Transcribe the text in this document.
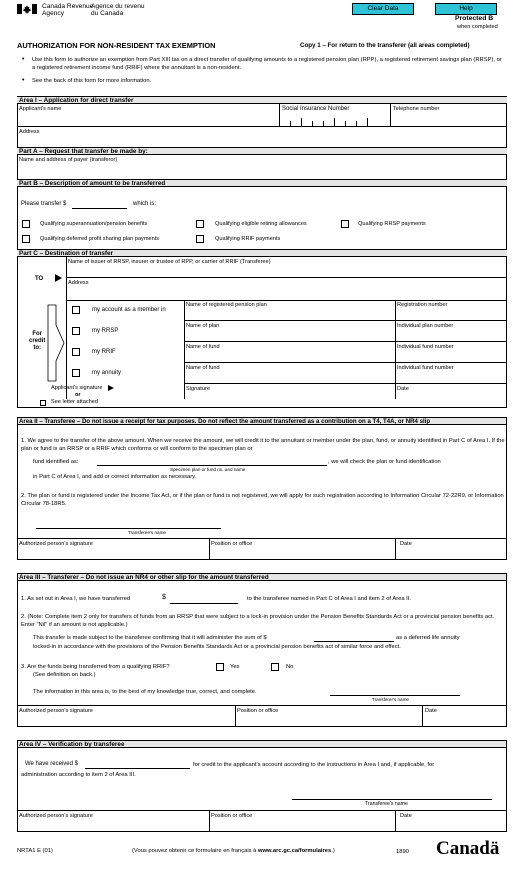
Canada Revenue
Agency
Agence du revenu
du Canada
Clear Data	Help
Protected B
when completed
AUTHORIZATION FOR NON-RESIDENT TAX EXEMPTION	Copy 1 – For return to the transferer (all areas completed)
• Use this form to authorize an exemption from Part XIII tax on a direct transfer of qualifying amounts to a registered pension plan (RPP), a registered retirement savings plan (RRSP), or a registered retirement income fund (RRIF) where the annuitant is a non-resident.
• See the back of this form for more information.
Area I – Application for direct transfer
Applicant's name	Social Insurance Number	Telephone number
Address
Part A – Request that transfer be made by:
Name and address of payer (transferor)
Part B – Description of amount to be transferred
Please transfer $	which is:
Qualifying superannuation/pension benefits	Qualifying eligible retiring allowances	Qualifying RRSP payments
Qualifying deferred profit sharing plan payments	Qualifying RRIF payments
Part C – Destination of transfer
Name of issuer of RRSP, insurer or trustee of RPP, or carrier of RRIF (Transferee)
TO
Address
For
credit
to:
my account as a member in
my RRSP
my RRIF
my annuity
Name of registered pension plan	Registration number
Name of plan	Individual plan number
Name of fund	Individual fund number
Name of fund	Individual fund number
Applicant's signature
or
See letter attached
Signature	Date
Area II – Transferee – Do not issue a receipt for tax purposes. Do not reflect the amount transferred as a contribution on a T4, T4A, or NR4 slip
1. We agree to the transfer of the above amount. When we receive the amount, we will credit it to the annuitant or member under the plan, fund, or annuity identified in Part C of Area I. If the plan or fund is an RRSP or a RRIF which conforms or will conform to the specimen plan or
fund identified as:
Specimen plan or fund no. and name
, we will check the plan or fund identification
in Part C of Area I, and add or correct information as necessary.
2. The plan or fund is registered under the Income Tax Act, or if the plan or fund is not registered, we will apply for such registration according to Information Circular 72-22R9, or Information Circular 78-18R5.
Transferee's name
Authorized person's signature	Position or office	Date
Area III – Transferer – Do not issue an NR4 or other slip for the amount transferred
1. As set out in Area I, we have transferred	$	to the transferee named in Part C of Area I and item 2 of Area II.
2. (Note: Complete item 2 only for transfers of funds from an RRSP that were subject to a lock-in provision under the Pension Benefits Standards Act or a provincial pension benefits act. Enter "Nil" if an amount is not applicable.)
This transfer is made subject to the transferee confirming that it will administer the sum of $	as a deferred life annuity
locked-in in accordance with the provisions of the Pension Benefits Standards Act or a provincial pension benefits act of similar force and effect.
3. Are the funds being transferred from a qualifying RRIF?	Yes	No
(See definition on back.)
The information in this area is, to the best of my knowledge true, correct, and complete.
Transferer's name
Authorized person's signature	Position or office	Date
Area IV – Verification by transferee
We have received $	for credit to the applicant's account according to the instructions in Area I and, if applicable, for
administration according to item 2 of Area III.
Transferee's name
Authorized person's signature	Position or office	Date
NRTA1 E (01)	(Vous pouvez obtenir ce formulaire en français à www.arc.gc.ca/formulaires.)	1890 Canadä
